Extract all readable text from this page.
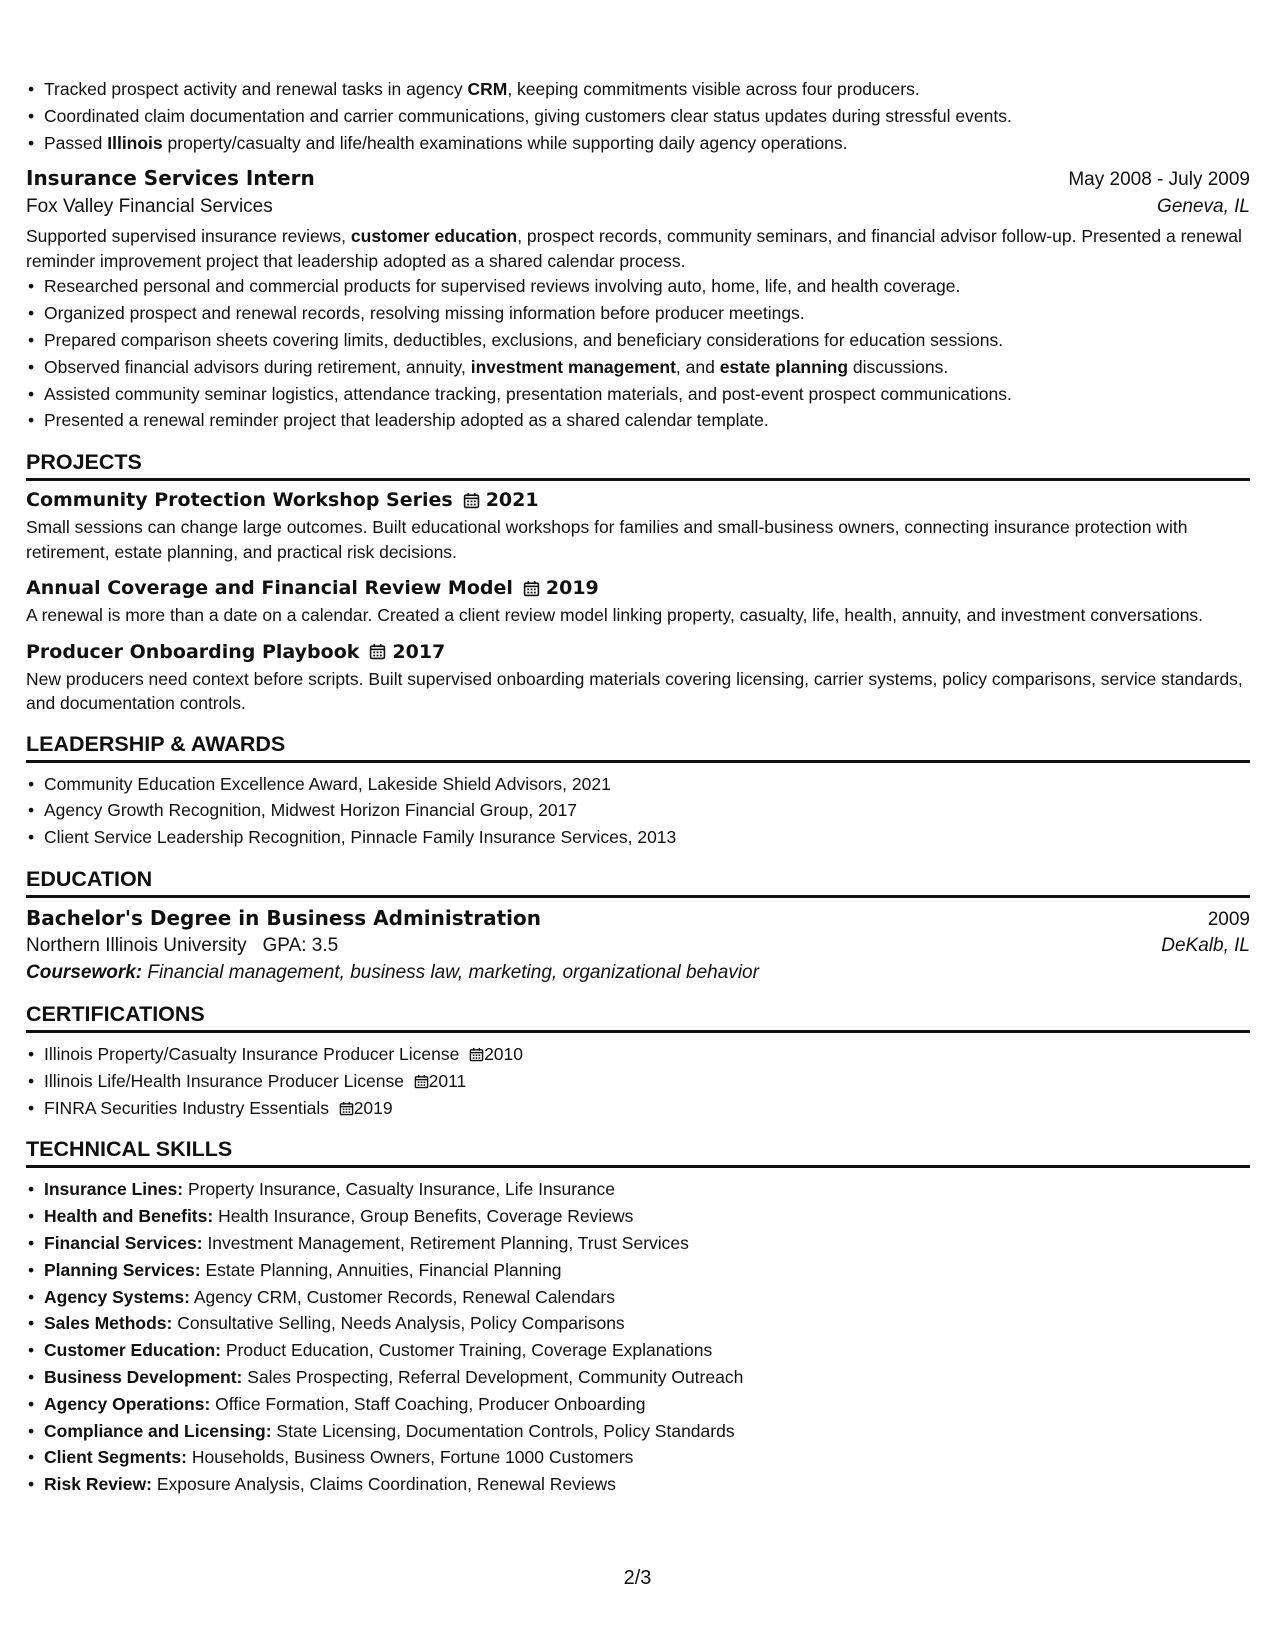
• Tracked prospect activity and renewal tasks in agency CRM, keeping commitments visible across four producers.
• Coordinated claim documentation and carrier communications, giving customers clear status updates during stressful events.
• Passed Illinois property/casualty and life/health examinations while supporting daily agency operations.
Insurance Services Intern	May 2008 - July 2009
Fox Valley Financial Services	Geneva, IL
Supported supervised insurance reviews, customer education, prospect records, community seminars, and financial advisor follow-up. Presented a renewal reminder improvement project that leadership adopted as a shared calendar process.
• Researched personal and commercial products for supervised reviews involving auto, home, life, and health coverage.
• Organized prospect and renewal records, resolving missing information before producer meetings.
• Prepared comparison sheets covering limits, deductibles, exclusions, and beneficiary considerations for education sessions.
• Observed financial advisors during retirement, annuity, investment management, and estate planning discussions.
• Assisted community seminar logistics, attendance tracking, presentation materials, and post-event prospect communications.
• Presented a renewal reminder project that leadership adopted as a shared calendar template.
PROJECTS
Community Protection Workshop Series 2021
Small sessions can change large outcomes. Built educational workshops for families and small-business owners, connecting insurance protection with retirement, estate planning, and practical risk decisions.
Annual Coverage and Financial Review Model 2019
A renewal is more than a date on a calendar. Created a client review model linking property, casualty, life, health, annuity, and investment conversations.
Producer Onboarding Playbook 2017
New producers need context before scripts. Built supervised onboarding materials covering licensing, carrier systems, policy comparisons, service standards, and documentation controls.
LEADERSHIP & AWARDS
• Community Education Excellence Award, Lakeside Shield Advisors, 2021
• Agency Growth Recognition, Midwest Horizon Financial Group, 2017
• Client Service Leadership Recognition, Pinnacle Family Insurance Services, 2013
EDUCATION
Bachelor's Degree in Business Administration	2009
Northern Illinois University GPA: 3.5	DeKalb, IL
Coursework: Financial management, business law, marketing, organizational behavior
CERTIFICATIONS
• Illinois Property/Casualty Insurance Producer License 2010
• Illinois Life/Health Insurance Producer License 2011
• FINRA Securities Industry Essentials 2019
TECHNICAL SKILLS
• Insurance Lines: Property Insurance, Casualty Insurance, Life Insurance
• Health and Benefits: Health Insurance, Group Benefits, Coverage Reviews
• Financial Services: Investment Management, Retirement Planning, Trust Services
• Planning Services: Estate Planning, Annuities, Financial Planning
• Agency Systems: Agency CRM, Customer Records, Renewal Calendars
• Sales Methods: Consultative Selling, Needs Analysis, Policy Comparisons
• Customer Education: Product Education, Customer Training, Coverage Explanations
• Business Development: Sales Prospecting, Referral Development, Community Outreach
• Agency Operations: Office Formation, Staff Coaching, Producer Onboarding
• Compliance and Licensing: State Licensing, Documentation Controls, Policy Standards
• Client Segments: Households, Business Owners, Fortune 1000 Customers
• Risk Review: Exposure Analysis, Claims Coordination, Renewal Reviews
2/3
